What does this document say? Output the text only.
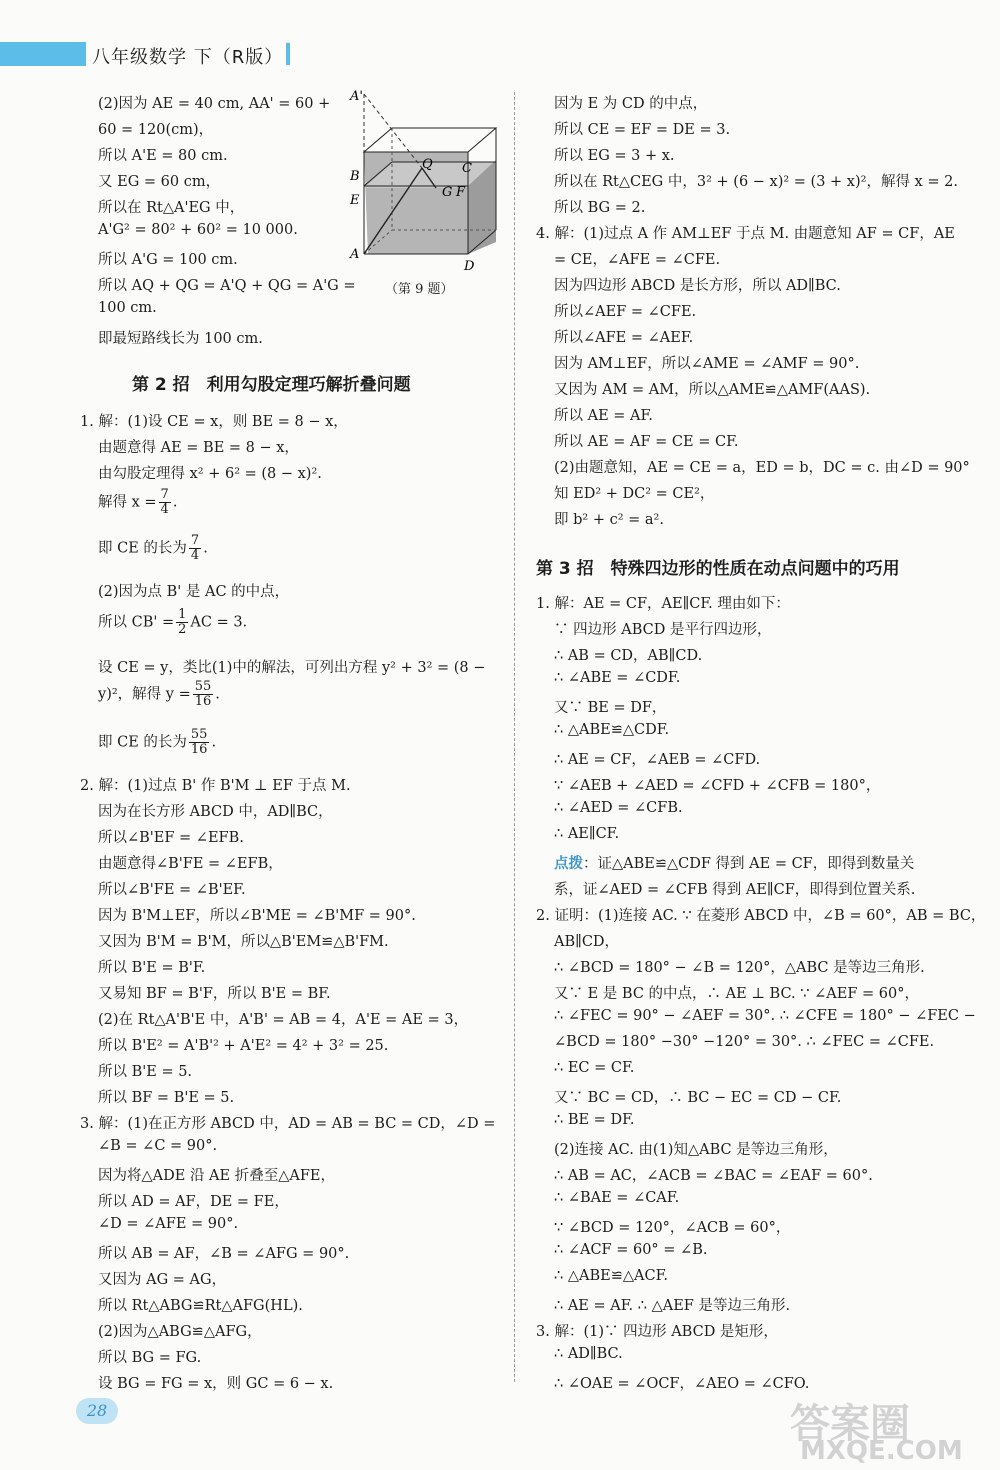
八年级数学 下（R版）
A'
B
E
A
Q C
G F
D
（第 9 题）
(2)因为 AE = 40 cm, AA' = 60 +
60 = 120(cm)，
所以 A'E = 80 cm.
又 EG = 60 cm，
所以在 Rt△A'EG 中，
A'G² = 80² + 60² = 10 000.
所以 A'G = 100 cm.
所以 AQ + QG = A'Q + QG = A'G =
100 cm.
即最短路线长为 100 cm.
第 2 招　利用勾股定理巧解折叠问题
1. 解：(1)设 CE = x，则 BE = 8 − x，
由题意得 AE = BE = 8 − x，
由勾股定理得 x² + 6² = (8 − x)².
解得 $x = \frac{7}{4}$ .
即 CE 的长为 $\frac{7}{4}$ .
(2)因为点 B' 是 AC 的中点，
所以 $CB' = \frac{1}{2}$ AC = 3.
设 CE = y，类比(1)中的解法，可列出方程 y² + 3² = (8 −
y)²，解得 $y = \frac{55}{16}$ .
即 CE 的长为 $\frac{55}{16}$ .
2. 解：(1)过点 B' 作 B'M ⊥ EF 于点 M.
因为在长方形 ABCD 中，AD∥BC，
所以∠B'EF = ∠EFB.
由题意得∠B'FE = ∠EFB，
所以∠B'FE = ∠B'EF.
因为 B'M⊥EF，所以∠B'ME = ∠B'MF = 90°.
又因为 B'M = B'M，所以△B'EM≌△B'FM.
所以 B'E = B'F.
又易知 BF = B'F，所以 B'E = BF.
(2)在 Rt△A'B'E 中，A'B' = AB = 4，A'E = AE = 3，
所以 B'E² = A'B'² + A'E² = 4² + 3² = 25.
所以 B'E = 5.
所以 BF = B'E = 5.
3. 解：(1)在正方形 ABCD 中，AD = AB = BC = CD，∠D =
∠B = ∠C = 90°.
因为将△ADE 沿 AE 折叠至△AFE，
所以 AD = AF，DE = FE，
∠D = ∠AFE = 90°.
所以 AB = AF，∠B = ∠AFG = 90°.
又因为 AG = AG，
所以 Rt△ABG≌Rt△AFG(HL).
(2)因为△ABG≌△AFG，
所以 BG = FG.
设 BG = FG = x，则 GC = 6 − x.
因为 E 为 CD 的中点，
所以 CE = EF = DE = 3.
所以 EG = 3 + x.
所以在 Rt△CEG 中，3² + (6 − x)² = (3 + x)²，解得 x = 2.
所以 BG = 2.
4. 解：(1)过点 A 作 AM⊥EF 于点 M. 由题意知 AF = CF，AE
= CE，∠AFE = ∠CFE.
因为四边形 ABCD 是长方形，所以 AD∥BC.
所以∠AEF = ∠CFE.
所以∠AFE = ∠AEF.
因为 AM⊥EF，所以∠AME = ∠AMF = 90°.
又因为 AM = AM，所以△AME≌△AMF(AAS).
所以 AE = AF.
所以 AE = AF = CE = CF.
(2)由题意知，AE = CE = a，ED = b，DC = c. 由∠D = 90°
知 ED² + DC² = CE²，
即 b² + c² = a².
第 3 招　特殊四边形的性质在动点问题中的巧用
1. 解：AE = CF，AE∥CF. 理由如下：
∵ 四边形 ABCD 是平行四边形，
∴ AB = CD，AB∥CD.
∴ ∠ABE = ∠CDF.
又∵ BE = DF，
∴ △ABE≌△CDF.
∴ AE = CF，∠AEB = ∠CFD.
∵ ∠AEB + ∠AED = ∠CFD + ∠CFB = 180°，
∴ ∠AED = ∠CFB.
∴ AE∥CF.
点拨：证△ABE≌△CDF 得到 AE = CF，即得到数量关
系，证∠AED = ∠CFB 得到 AE∥CF，即得到位置关系.
2. 证明：(1)连接 AC. ∵ 在菱形 ABCD 中，∠B = 60°，AB = BC，
AB∥CD，
∴ ∠BCD = 180° − ∠B = 120°，△ABC 是等边三角形.
又∵ E 是 BC 的中点，∴ AE ⊥ BC. ∵ ∠AEF = 60°，
∴ ∠FEC = 90° − ∠AEF = 30°. ∴ ∠CFE = 180° − ∠FEC −
∠BCD = 180° −30° −120° = 30°. ∴ ∠FEC = ∠CFE.
∴ EC = CF.
又∵ BC = CD，∴ BC − EC = CD − CF.
∴ BE = DF.
(2)连接 AC. 由(1)知△ABC 是等边三角形，
∴ AB = AC，∠ACB = ∠BAC = ∠EAF = 60°.
∴ ∠BAE = ∠CAF.
∵ ∠BCD = 120°，∠ACB = 60°，
∴ ∠ACF = 60° = ∠B.
∴ △ABE≌△ACF.
∴ AE = AF. ∴ △AEF 是等边三角形.
3. 解：(1)∵ 四边形 ABCD 是矩形，
∴ AD∥BC.
∴ ∠OAE = ∠OCF，∠AEO = ∠CFO.
28	答案圈
MXQE.COM
